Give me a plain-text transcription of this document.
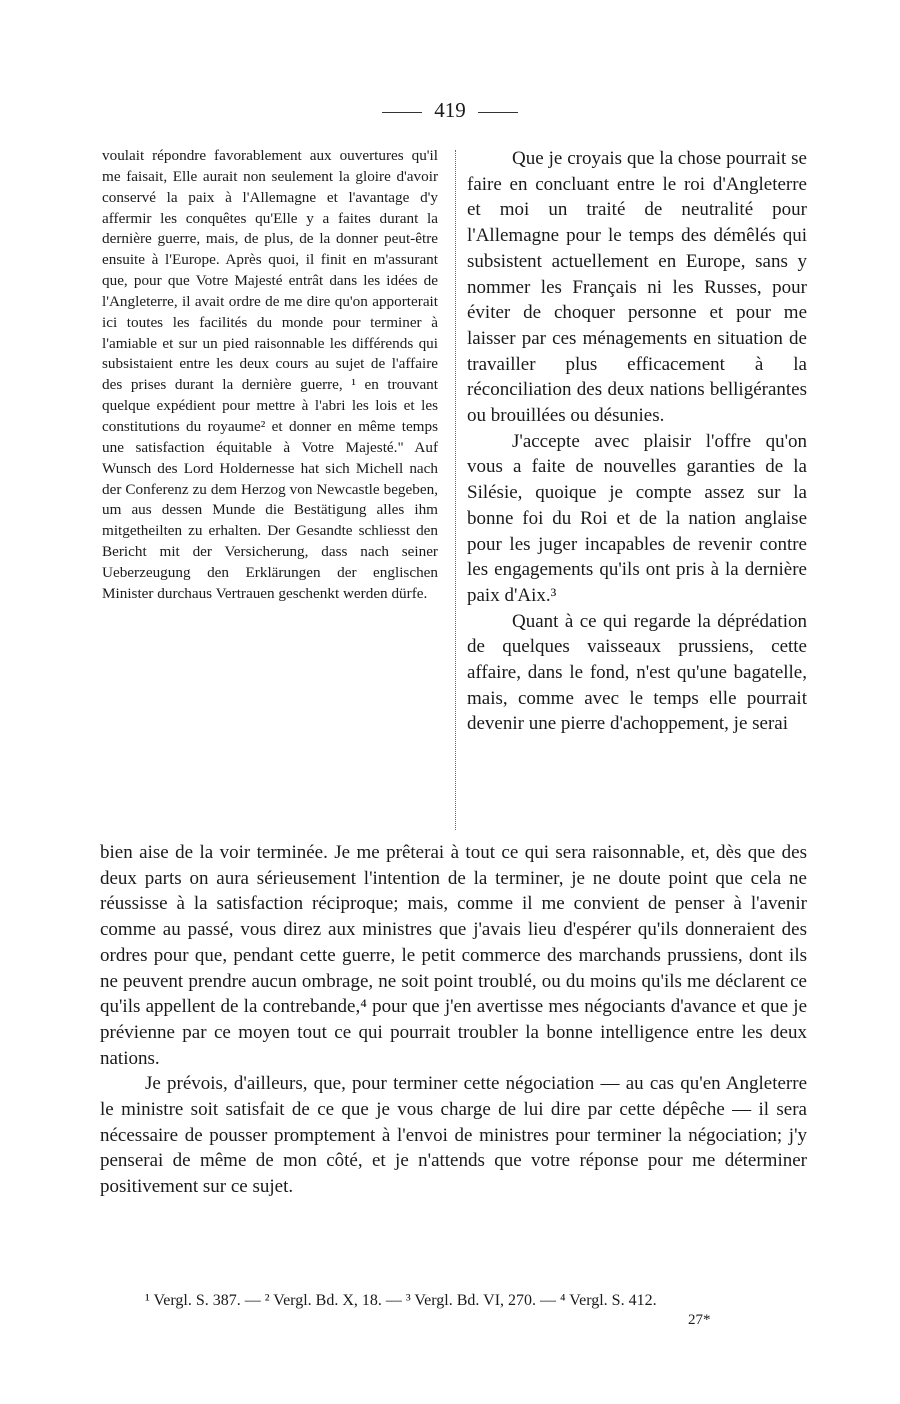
419
voulait répondre favorablement aux ouvertures qu'il me faisait, Elle aurait non seulement la gloire d'avoir conservé la paix à l'Allemagne et l'avantage d'y affermir les conquêtes qu'Elle y a faites durant la dernière guerre, mais, de plus, de la donner peut-être ensuite à l'Europe. Après quoi, il finit en m'assurant que, pour que Votre Majesté entrât dans les idées de l'Angleterre, il avait ordre de me dire qu'on apporterait ici toutes les facilités du monde pour terminer à l'amiable et sur un pied raisonnable les différends qui subsistaient entre les deux cours au sujet de l'affaire des prises durant la dernière guerre, ¹ en trouvant quelque expédient pour mettre à l'abri les lois et les constitutions du royaume² et donner en même temps une satisfaction équitable à Votre Majesté." Auf Wunsch des Lord Holdernesse hat sich Michell nach der Conferenz zu dem Herzog von Newcastle begeben, um aus dessen Munde die Bestätigung alles ihm mitgetheilten zu erhalten. Der Gesandte schliesst den Bericht mit der Versicherung, dass nach seiner Ueberzeugung den Erklärungen der englischen Minister durchaus Vertrauen geschenkt werden dürfe.

Que je croyais que la chose pourrait se faire en concluant entre le roi d'Angleterre et moi un traité de neutralité pour l'Allemagne pour le temps des démêlés qui subsistent actuellement en Europe, sans y nommer les Français ni les Russes, pour éviter de choquer personne et pour me laisser par ces ménagements en situation de travailler plus efficacement à la réconciliation des deux nations belligérantes ou brouillées ou désunies.

J'accepte avec plaisir l'offre qu'on vous a faite de nouvelles garanties de la Silésie, quoique je compte assez sur la bonne foi du Roi et de la nation anglaise pour les juger incapables de revenir contre les engagements qu'ils ont pris à la dernière paix d'Aix.³

Quant à ce qui regarde la déprédation de quelques vaisseaux prussiens, cette affaire, dans le fond, n'est qu'une bagatelle, mais, comme avec le temps elle pourrait devenir une pierre d'achoppement, je serai

bien aise de la voir terminée. Je me prêterai à tout ce qui sera raisonnable, et, dès que des deux parts on aura sérieusement l'intention de la terminer, je ne doute point que cela ne réussisse à la satisfaction réciproque; mais, comme il me convient de penser à l'avenir comme au passé, vous direz aux ministres que j'avais lieu d'espérer qu'ils donneraient des ordres pour que, pendant cette guerre, le petit commerce des marchands prussiens, dont ils ne peuvent prendre aucun ombrage, ne soit point troublé, ou du moins qu'ils me déclarent ce qu'ils appellent de la contrebande,⁴ pour que j'en avertisse mes négociants d'avance et que je prévienne par ce moyen tout ce qui pourrait troubler la bonne intelligence entre les deux nations.

Je prévois, d'ailleurs, que, pour terminer cette négociation — au cas qu'en Angleterre le ministre soit satisfait de ce que je vous charge de lui dire par cette dépêche — il sera nécessaire de pousser promptement à l'envoi de ministres pour terminer la négociation; j'y penserai de même de mon côté, et je n'attends que votre réponse pour me déterminer positivement sur ce sujet.

¹ Vergl. S. 387. — ² Vergl. Bd. X, 18. — ³ Vergl. Bd. VI, 270. — ⁴ Vergl. S. 412.
27*
